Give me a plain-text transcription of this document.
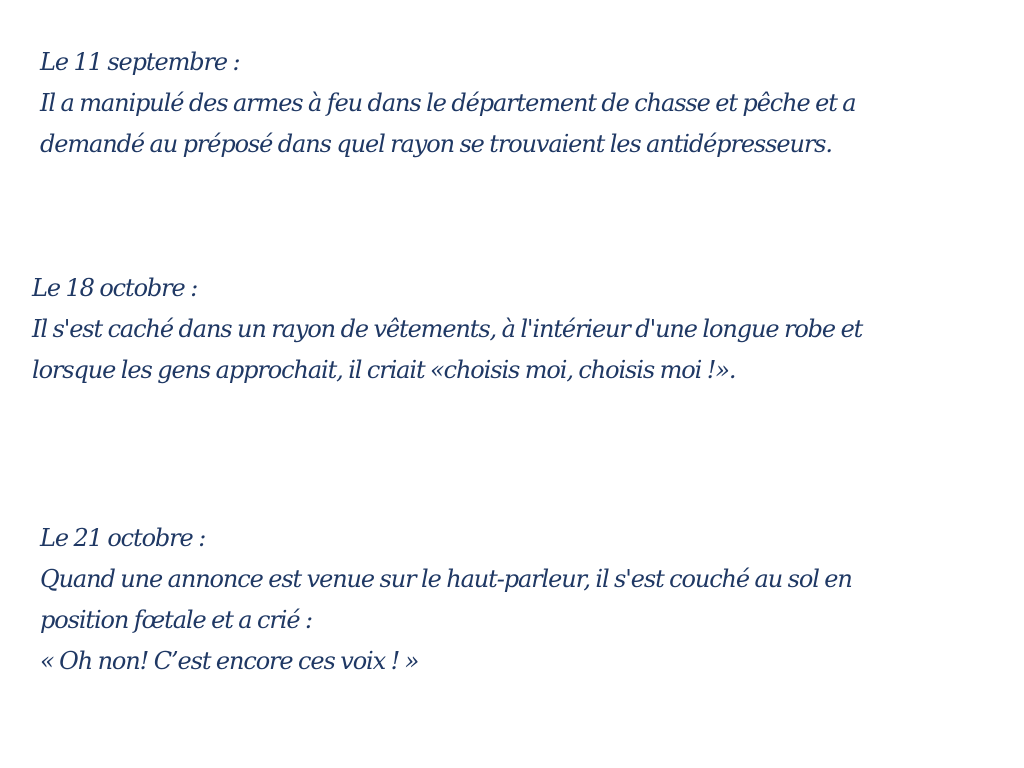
Le 11 septembre :

Il a manipulé des armes à feu dans le département de chasse et pêche et a

demandé au préposé dans quel rayon se trouvaient les antidépresseurs.

Le 18 octobre :

Il s'est caché dans un rayon de vêtements, à l'intérieur d'une longue robe et

lorsque les gens approchait, il criait «choisis moi, choisis moi !».

Le 21 octobre :

Quand une annonce est venue sur le haut-parleur, il s'est couché au sol en

position fœtale et a crié :

« Oh non! C’est encore ces voix ! »
